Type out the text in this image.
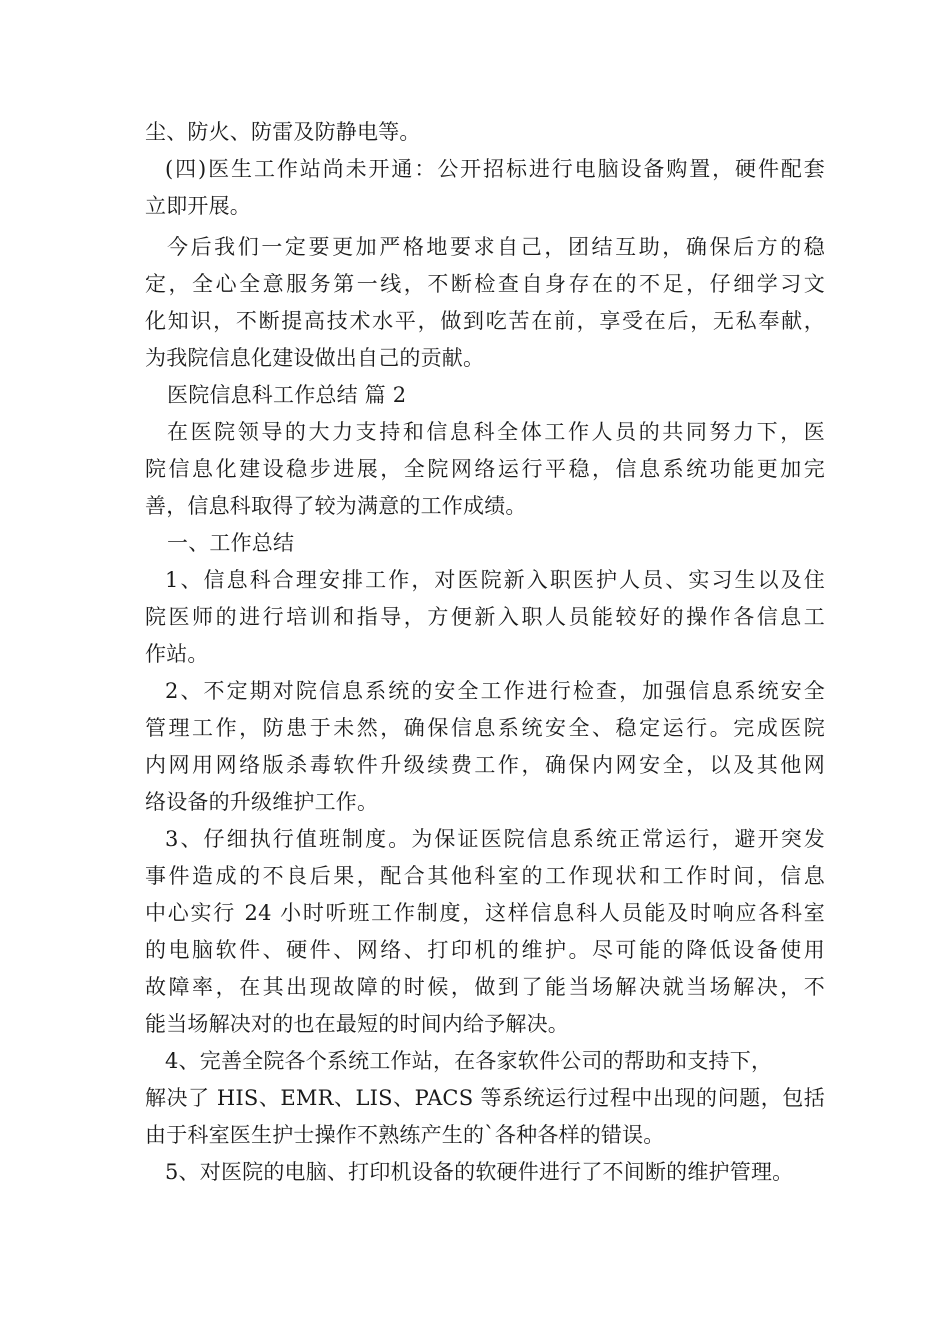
尘、防火、防雷及防静电等。
(四)医生工作站尚未开通：公开招标进行电脑设备购置，硬件配套
立即开展。
今后我们一定要更加严格地要求自己，团结互助，确保后方的稳
定，全心全意服务第一线，不断检查自身存在的不足，仔细学习文
化知识，不断提高技术水平，做到吃苦在前，享受在后，无私奉献，
为我院信息化建设做出自己的贡献。
医院信息科工作总结 篇 2
在医院领导的大力支持和信息科全体工作人员的共同努力下，医
院信息化建设稳步进展，全院网络运行平稳，信息系统功能更加完
善，信息科取得了较为满意的工作成绩。
一、工作总结
1、信息科合理安排工作，对医院新入职医护人员、实习生以及住
院医师的进行培训和指导，方便新入职人员能较好的操作各信息工
作站。
2、不定期对院信息系统的安全工作进行检查，加强信息系统安全
管理工作，防患于未然，确保信息系统安全、稳定运行。完成医院
内网用网络版杀毒软件升级续费工作，确保内网安全，以及其他网
络设备的升级维护工作。
3、仔细执行值班制度。为保证医院信息系统正常运行，避开突发
事件造成的不良后果，配合其他科室的工作现状和工作时间，信息
中心实行 24 小时听班工作制度，这样信息科人员能及时响应各科室
的电脑软件、硬件、网络、打印机的维护。尽可能的降低设备使用
故障率，在其出现故障的时候，做到了能当场解决就当场解决，不
能当场解决对的也在最短的时间内给予解决。
4、完善全院各个系统工作站，在各家软件公司的帮助和支持下，
解决了 HIS、EMR、LIS、PACS 等系统运行过程中出现的问题，包括
由于科室医生护士操作不熟练产生的`各种各样的错误。
5、对医院的电脑、打印机设备的软硬件进行了不间断的维护管理。
